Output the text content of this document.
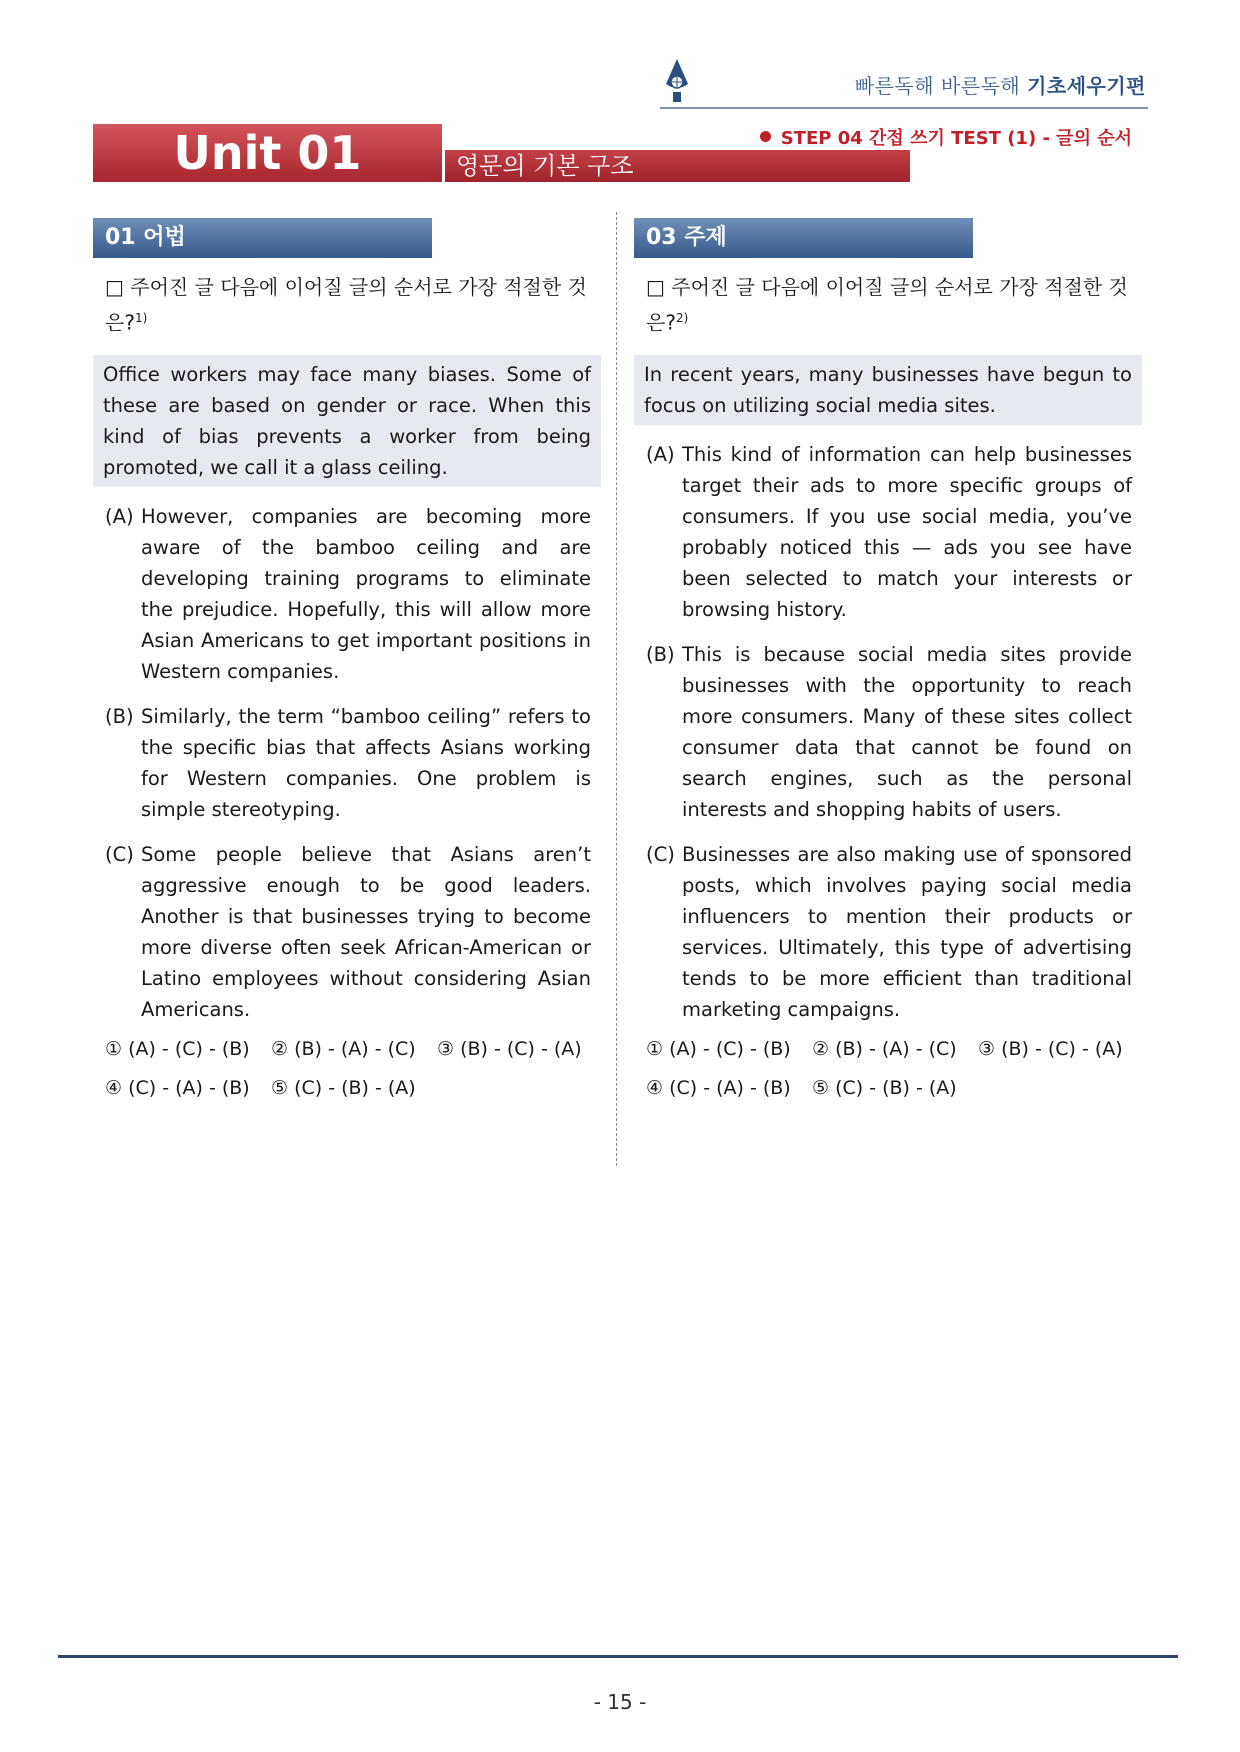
빠른독해 바른독해 기초세우기편
Unit 01	영문의 기본 구조
STEP 04 간접 쓰기 TEST (1) - 글의 순서
01 어법
□ 주어진 글 다음에 이어질 글의 순서로 가장 적절한 것은?$^{1)}$
Office workers may face many biases. Some of these are based on gender or race. When this kind of bias prevents a worker from being promoted, we call it a glass ceiling.
(A) However, companies are becoming more aware of the bamboo ceiling and are developing training programs to eliminate the prejudice. Hopefully, this will allow more Asian Americans to get important positions in Western companies.
(B) Similarly, the term “bamboo ceiling” refers to the specific bias that affects Asians working for Western companies. One problem is simple stereotyping.
(C) Some people believe that Asians aren’t aggressive enough to be good leaders. Another is that businesses trying to become more diverse often seek African-American or Latino employees without considering Asian Americans.
① (A) - (C) - (B) ② (B) - (A) - (C) ③ (B) - (C) - (A)
④ (C) - (A) - (B) ⑤ (C) - (B) - (A)
03 주제
□ 주어진 글 다음에 이어질 글의 순서로 가장 적절한 것은?$^{2)}$
In recent years, many businesses have begun to focus on utilizing social media sites.
(A) This kind of information can help businesses target their ads to more specific groups of consumers. If you use social media, you’ve probably noticed this — ads you see have been selected to match your interests or browsing history.
(B) This is because social media sites provide businesses with the opportunity to reach more consumers. Many of these sites collect consumer data that cannot be found on search engines, such as the personal interests and shopping habits of users.
(C) Businesses are also making use of sponsored posts, which involves paying social media influencers to mention their products or services. Ultimately, this type of advertising tends to be more efficient than traditional marketing campaigns.
① (A) - (C) - (B) ② (B) - (A) - (C) ③ (B) - (C) - (A)
④ (C) - (A) - (B) ⑤ (C) - (B) - (A)
- 15 -
